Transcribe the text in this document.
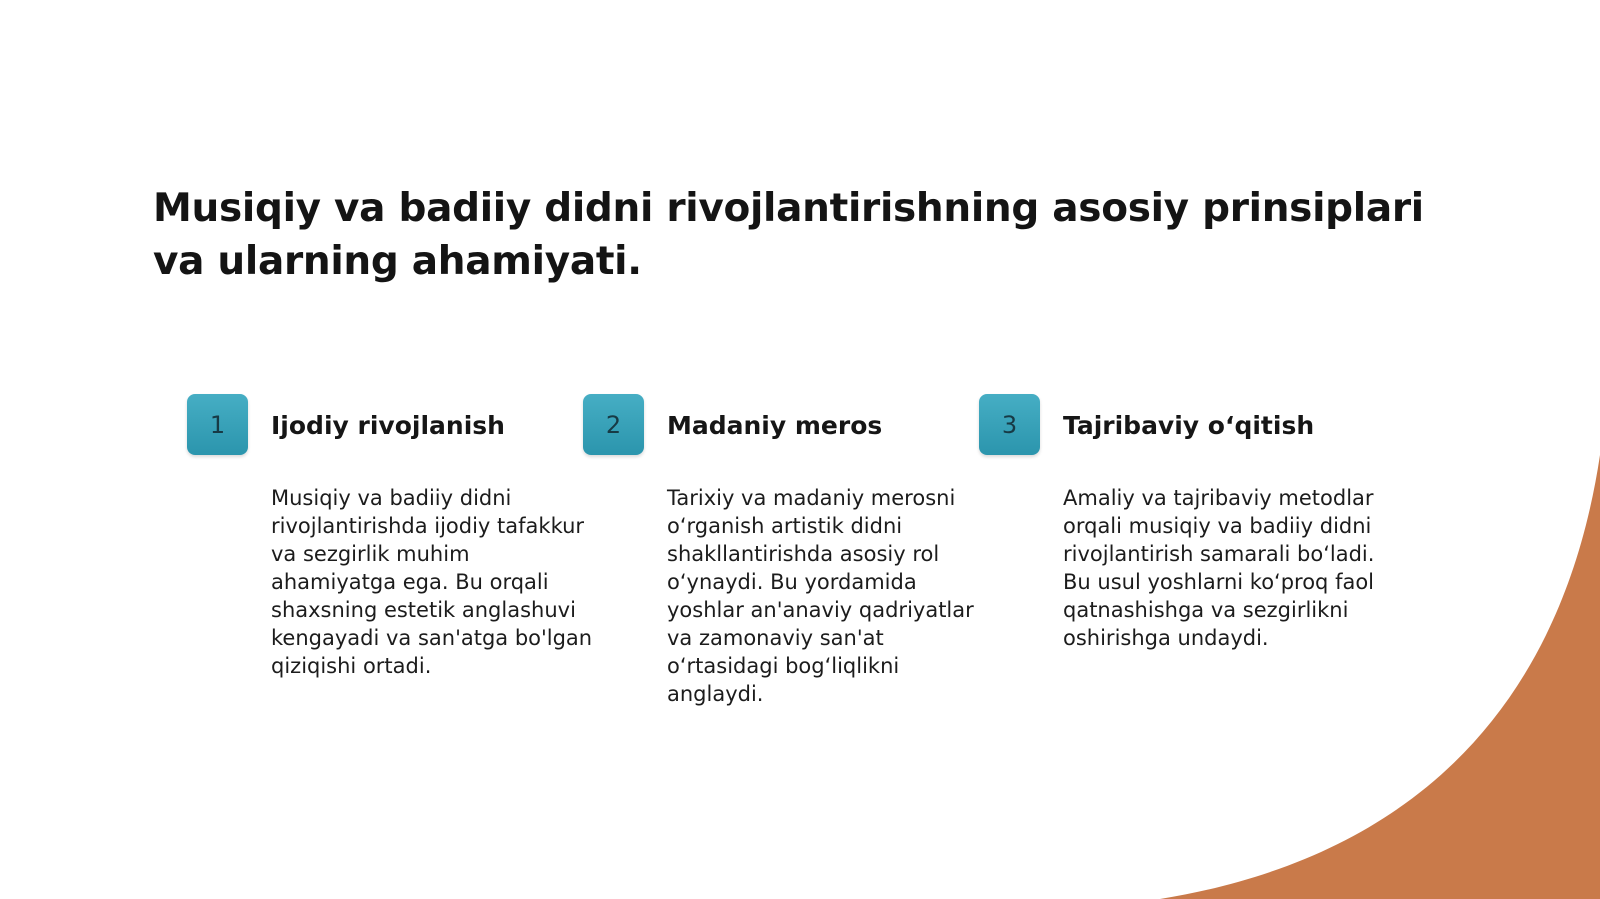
Musiqiy va badiiy didni rivojlantirishning asosiy prinsiplari va ularning ahamiyati.
1	Ijodiy rivojlanish

Musiqiy va badiiy didni rivojlantirishda ijodiy tafakkur va sezgirlik muhim ahamiyatga ega. Bu orqali shaxsning estetik anglashuvi kengayadi va san'atga bo'lgan qiziqishi ortadi.

2	Madaniy meros

Tarixiy va madaniy merosni o‘rganish artistik didni shakllantirishda asosiy rol o‘ynaydi. Bu yordamida yoshlar an'anaviy qadriyatlar va zamonaviy san'at o‘rtasidagi bog‘liqlikni anglaydi.

3	Tajribaviy o‘qitish

Amaliy va tajribaviy metodlar orqali musiqiy va badiiy didni rivojlantirish samarali bo‘ladi. Bu usul yoshlarni ko‘proq faol qatnashishga va sezgirlikni oshirishga undaydi.
